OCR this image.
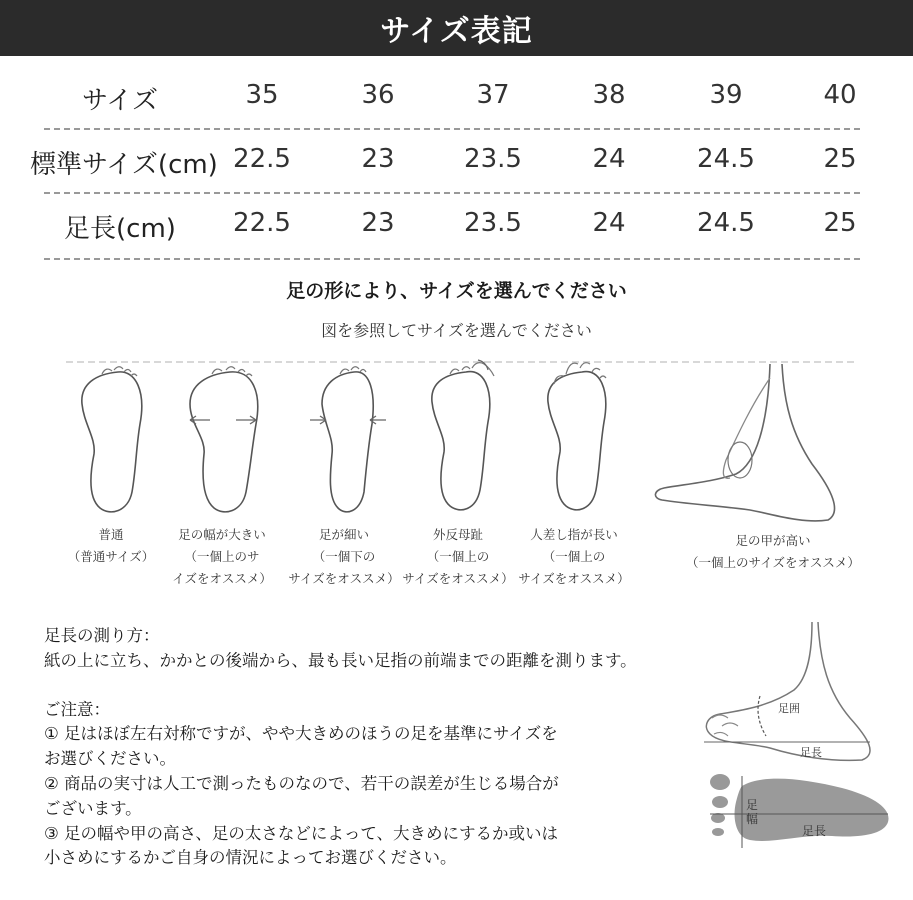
サイズ表記
サイズ	35	36	37	38	39	40
標準サイズ(cm) 22.5	23	23.5	24	24.5	25
足長(cm)	22.5	23	23.5	24	24.5	25
足の形により、サイズを選んでください
図を参照してサイズを選んでください
普通
（普通サイズ）
足の幅が大きい
（一個上のサ
イズをオススメ）
足が細い
（一個下の
サイズをオススメ）
外反母趾
（一個上の
サイズをオススメ）
人差し指が長い
（一個上の
サイズをオススメ）
足の甲が高い
（一個上のサイズをオススメ）

足長の測り方：

紙の上に立ち、かかとの後端から、最も長い足指の前端までの距離を測ります。

ご注意：

① 足はほぼ左右対称ですが、やや大きめのほうの足を基準にサイズを

お選びください。

② 商品の実寸は人工で測ったものなので、若干の誤差が生じる場合が

ございます。

③ 足の幅や甲の高さ、足の太さなどによって、大きめにするか或いは

小さめにするかご自身の情況によってお選びください。

足囲
足長
足幅
足長
